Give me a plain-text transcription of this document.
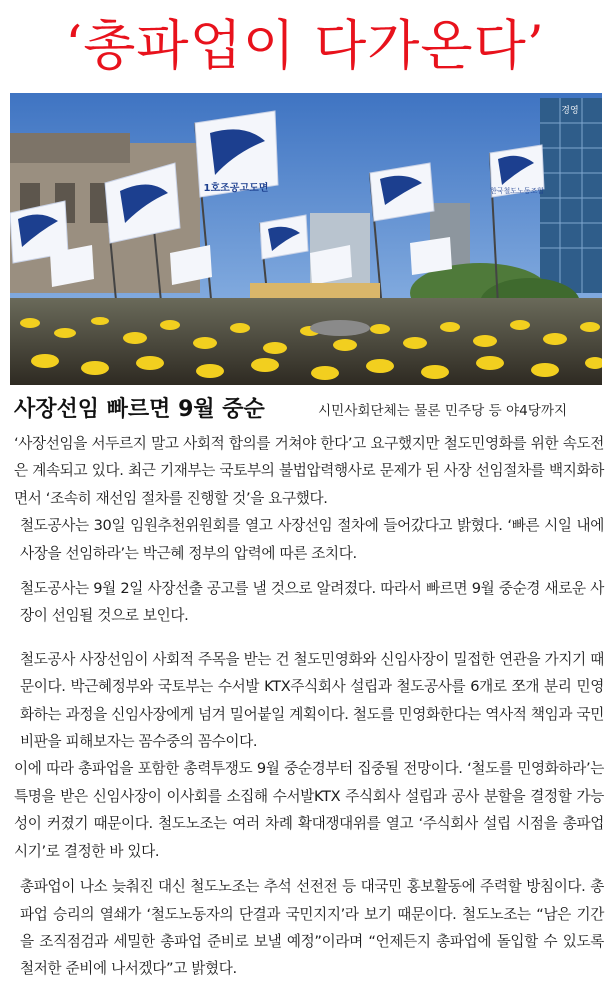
‘총파업이 다가온다’
경영
1호조공고도면	한국철도노동조합
사장선임 빠르면 9월 중순	시민사회단체는 물론 민주당 등 야4당까지

‘사장선임을 서두르지 말고 사회적 합의를 거쳐야 한다’고 요구했지만 철도민영화를 위한 속도전은 계속되고 있다. 최근 기재부는 국토부의 불법압력행사로 문제가 된 사장 선임절차를 백지화하면서 ‘조속히 재선임 절차를 진행할 것’을 요구했다.

철도공사는 30일 임원추천위원회를 열고 사장선임 절차에 들어갔다고 밝혔다. ‘빠른 시일 내에 사장을 선임하라’는 박근혜 정부의 압력에 따른 조치다.

철도공사는 9월 2일 사장선출 공고를 낼 것으로 알려졌다. 따라서 빠르면 9월 중순경 새로운 사장이 선임될 것으로 보인다.

철도공사 사장선임이 사회적 주목을 받는 건 철도민영화와 신임사장이 밀접한 연관을 가지기 때문이다. 박근혜정부와 국토부는 수서발 KTX주식회사 설립과 철도공사를 6개로 쪼개 분리 민영화하는 과정을 신임사장에게 넘겨 밀어붙일 계획이다. 철도를 민영화한다는 역사적 책임과 국민비판을 피해보자는 꼼수중의 꼼수이다.

이에 따라 총파업을 포함한 총력투쟁도 9월 중순경부터 집중될 전망이다. ‘철도를 민영화하라’는 특명을 받은 신임사장이 이사회를 소집해 수서발KTX 주식회사 설립과 공사 분할을 결정할 가능성이 커졌기 때문이다. 철도노조는 여러 차례 확대쟁대위를 열고 ‘주식회사 설립 시점을 총파업 시기’로 결정한 바 있다.

총파업이 나소 늦춰진 대신 철도노조는 추석 선전전 등 대국민 홍보활동에 주력할 방침이다. 총파업 승리의 열쇄가 ‘철도노동자의 단결과 국민지지’라 보기 때문이다. 철도노조는 “남은 기간을 조직점검과 세밀한 총파업 준비로 보낼 예정”이라며 “언제든지 총파업에 돌입할 수 있도록 철저한 준비에 나서겠다”고 밝혔다.
